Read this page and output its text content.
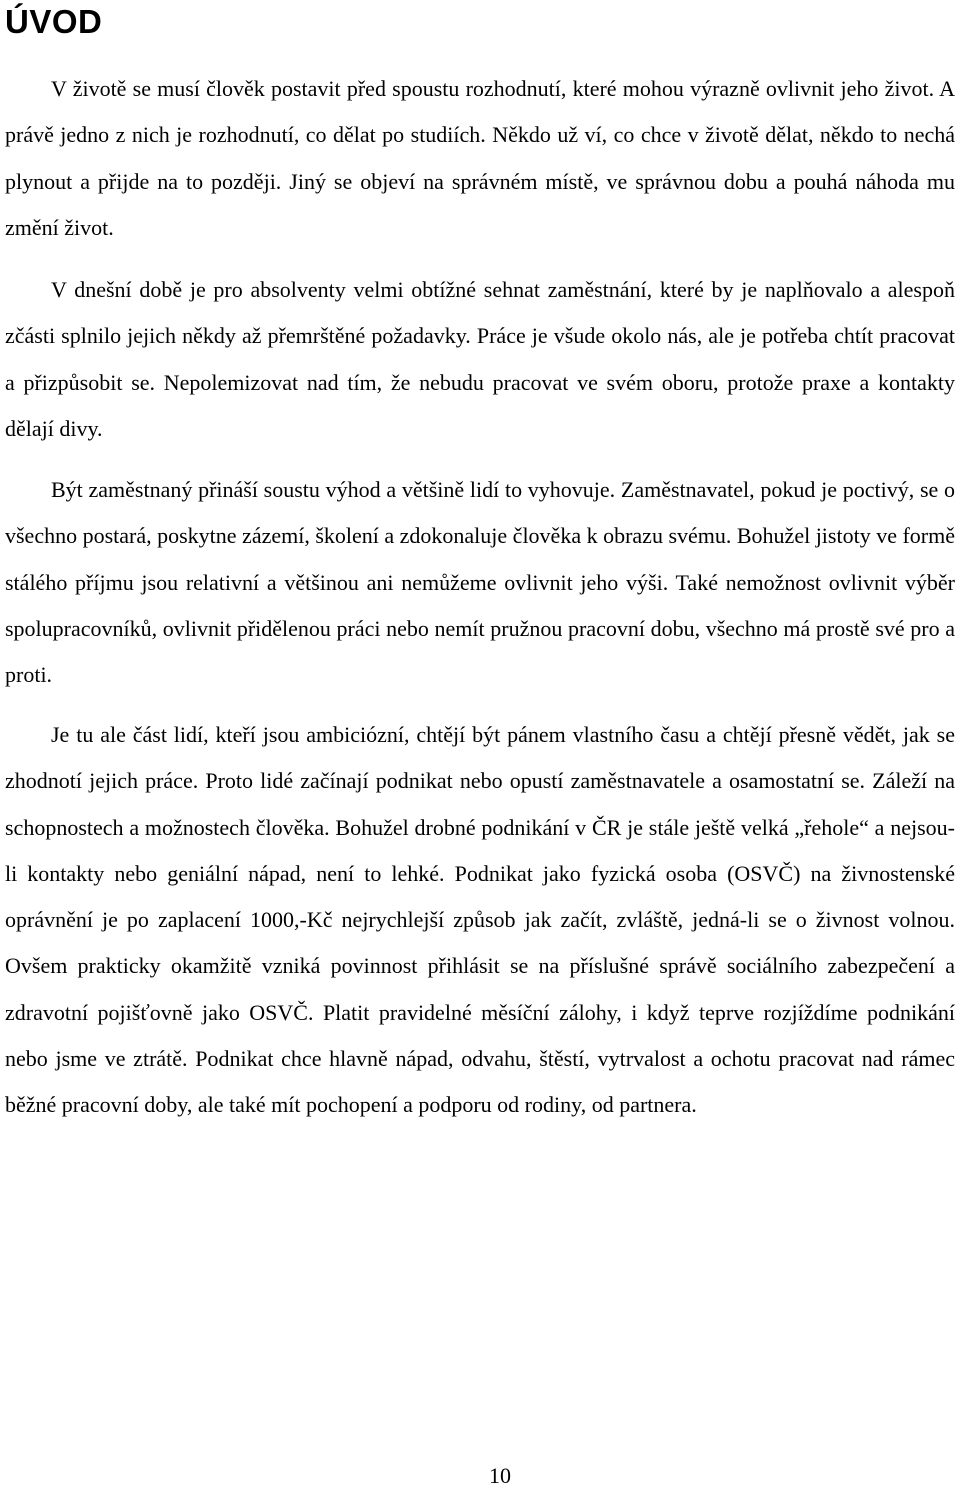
ÚVOD

V životě se musí člověk postavit před spoustu rozhodnutí, které mohou výrazně ovlivnit jeho život. A právě jedno z nich je rozhodnutí, co dělat po studiích. Někdo už ví, co chce v životě dělat, někdo to nechá plynout a přijde na to později. Jiný se objeví na správném místě, ve správnou dobu a pouhá náhoda mu změní život.

V dnešní době je pro absolventy velmi obtížné sehnat zaměstnání, které by je naplňovalo a alespoň zčásti splnilo jejich někdy až přemrštěné požadavky. Práce je všude okolo nás, ale je potřeba chtít pracovat a přizpůsobit se. Nepolemizovat nad tím, že nebudu pracovat ve svém oboru, protože praxe a kontakty dělají divy.

Být zaměstnaný přináší soustu výhod a většině lidí to vyhovuje. Zaměstnavatel, pokud je poctivý, se o všechno postará, poskytne zázemí, školení a zdokonaluje člověka k obrazu svému. Bohužel jistoty ve formě stálého příjmu jsou relativní a většinou ani nemůžeme ovlivnit jeho výši. Také nemožnost ovlivnit výběr spolupracovníků, ovlivnit přidělenou práci nebo nemít pružnou pracovní dobu, všechno má prostě své pro a proti.

Je tu ale část lidí, kteří jsou ambiciózní, chtějí být pánem vlastního času a chtějí přesně vědět, jak se zhodnotí jejich práce. Proto lidé začínají podnikat nebo opustí zaměstnavatele a osamostatní se. Záleží na schopnostech a možnostech člověka. Bohužel drobné podnikání v ČR je stále ještě velká „řehole“ a nejsou-li kontakty nebo geniální nápad, není to lehké. Podnikat jako fyzická osoba (OSVČ) na živnostenské oprávnění je po zaplacení 1000,-Kč nejrychlejší způsob jak začít, zvláště, jedná-li se o živnost volnou. Ovšem prakticky okamžitě vzniká povinnost přihlásit se na příslušné správě sociálního zabezpečení a zdravotní pojišťovně jako OSVČ. Platit pravidelné měsíční zálohy, i když teprve rozjíždíme podnikání nebo jsme ve ztrátě. Podnikat chce hlavně nápad, odvahu, štěstí, vytrvalost a ochotu pracovat nad rámec běžné pracovní doby, ale také mít pochopení a podporu od rodiny, od partnera.

10
